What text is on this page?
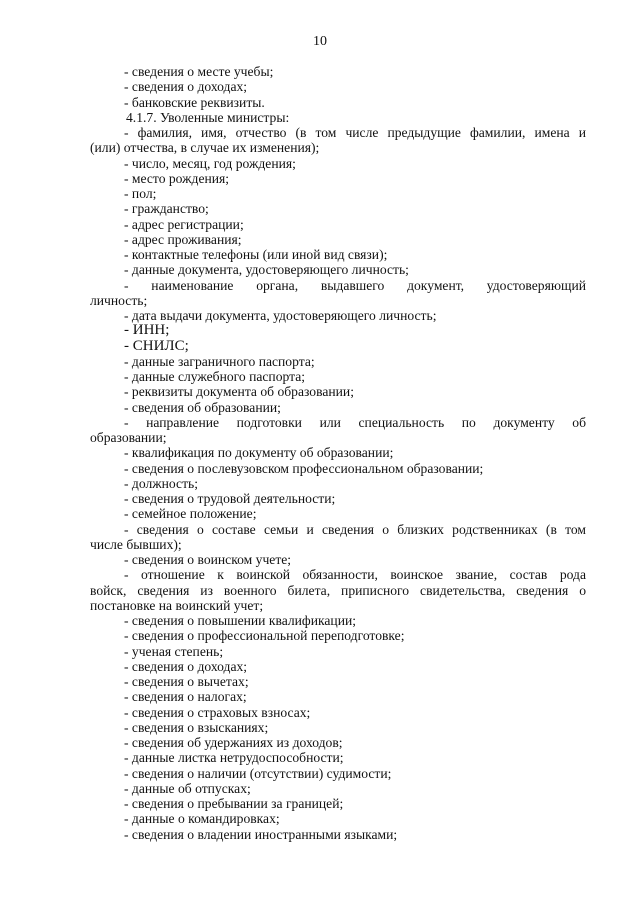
10
- сведения о месте учебы;
- сведения о доходах;
- банковские реквизиты.
4.1.7. Уволенные министры:
- фамилия, имя, отчество (в том числе предыдущие фамилии, имена и
(или) отчества, в случае их изменения);
- число, месяц, год рождения;
- место рождения;
- пол;
- гражданство;
- адрес регистрации;
- адрес проживания;
- контактные телефоны (или иной вид связи);
- данные документа, удостоверяющего личность;
- наименование органа, выдавшего документ, удостоверяющий
личность;
- дата выдачи документа, удостоверяющего личность;
- ИНН;
- СНИЛС;
- данные заграничного паспорта;
- данные служебного паспорта;
- реквизиты документа об образовании;
- сведения об образовании;
- направление подготовки или специальность по документу об
образовании;
- квалификация по документу об образовании;
- сведения о послевузовском профессиональном образовании;
- должность;
- сведения о трудовой деятельности;
- семейное положение;
- сведения о составе семьи и сведения о близких родственниках (в том
числе бывших);
- сведения о воинском учете;
- отношение к воинской обязанности, воинское звание, состав рода
войск, сведения из военного билета, приписного свидетельства, сведения о
постановке на воинский учет;
- сведения о повышении квалификации;
- сведения о профессиональной переподготовке;
- ученая степень;
- сведения о доходах;
- сведения о вычетах;
- сведения о налогах;
- сведения о страховых взносах;
- сведения о взысканиях;
- сведения об удержаниях из доходов;
- данные листка нетрудоспособности;
- сведения о наличии (отсутствии) судимости;
- данные об отпусках;
- сведения о пребывании за границей;
- данные о командировках;
- сведения о владении иностранными языками;
